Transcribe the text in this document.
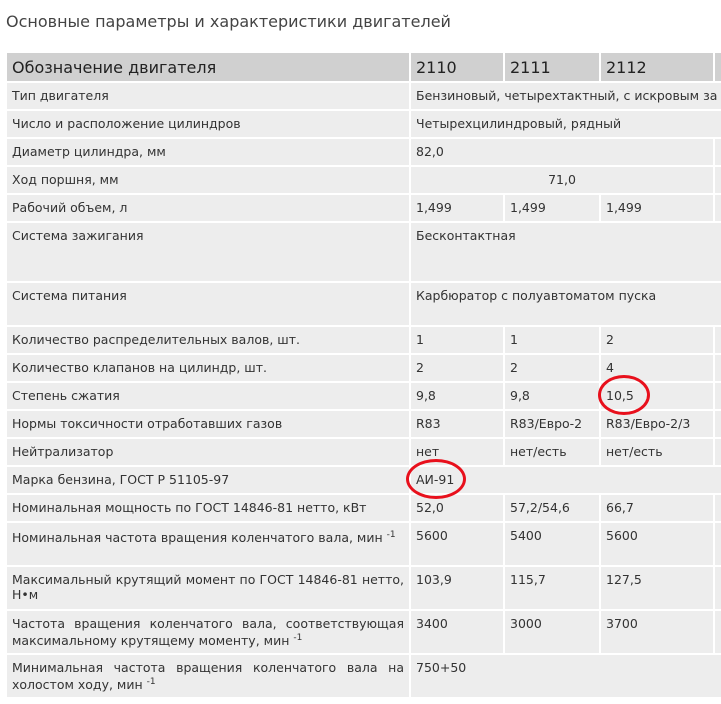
Основные параметры и характеристики двигателей
Обозначение двигателя	2110	2111	2112	
Тип двигателя	Бензиновый, четырехтактный, с искровым за			
Число и расположение цилиндров	Четырехцилиндровый, рядный			
Диаметр цилиндра, мм	82,0			
Ход поршня, мм	71,0			
Рабочий объем, л	1,499	1,499	1,499	
Система зажигания	Бесконтактная			
Система питания	Карбюратор с полуавтоматом пуска			
Количество распределительных валов, шт.	1	1	2	
Количество клапанов на цилиндр, шт.	2	2	4	
Степень сжатия	9,8	9,8	10,5	
Нормы токсичности отработавших газов	R83	R83/Евро-2	R83/Евро-2/3	
Нейтрализатор	нет	нет/есть	нет/есть	
Марка бензина, ГОСТ Р 51105-97	АИ-91			
Номинальная мощность по ГОСТ 14846-81 нетто, кВт	52,0	57,2/54,6	66,7	
Номинальная частота вращения коленчатого вала, мин $^{-1}$	5600	5400	5600	
Максимальный крутящий момент по ГОСТ 14846-81 нетто, Н•м	103,9	115,7	127,5	
Частота вращения коленчатого вала, соответствующая максимальному крутящему моменту, мин $^{-1}$	3400	3000	3700	
Минимальная частота вращения коленчатого вала на холостом ходу, мин $^{-1}$	750+50			
